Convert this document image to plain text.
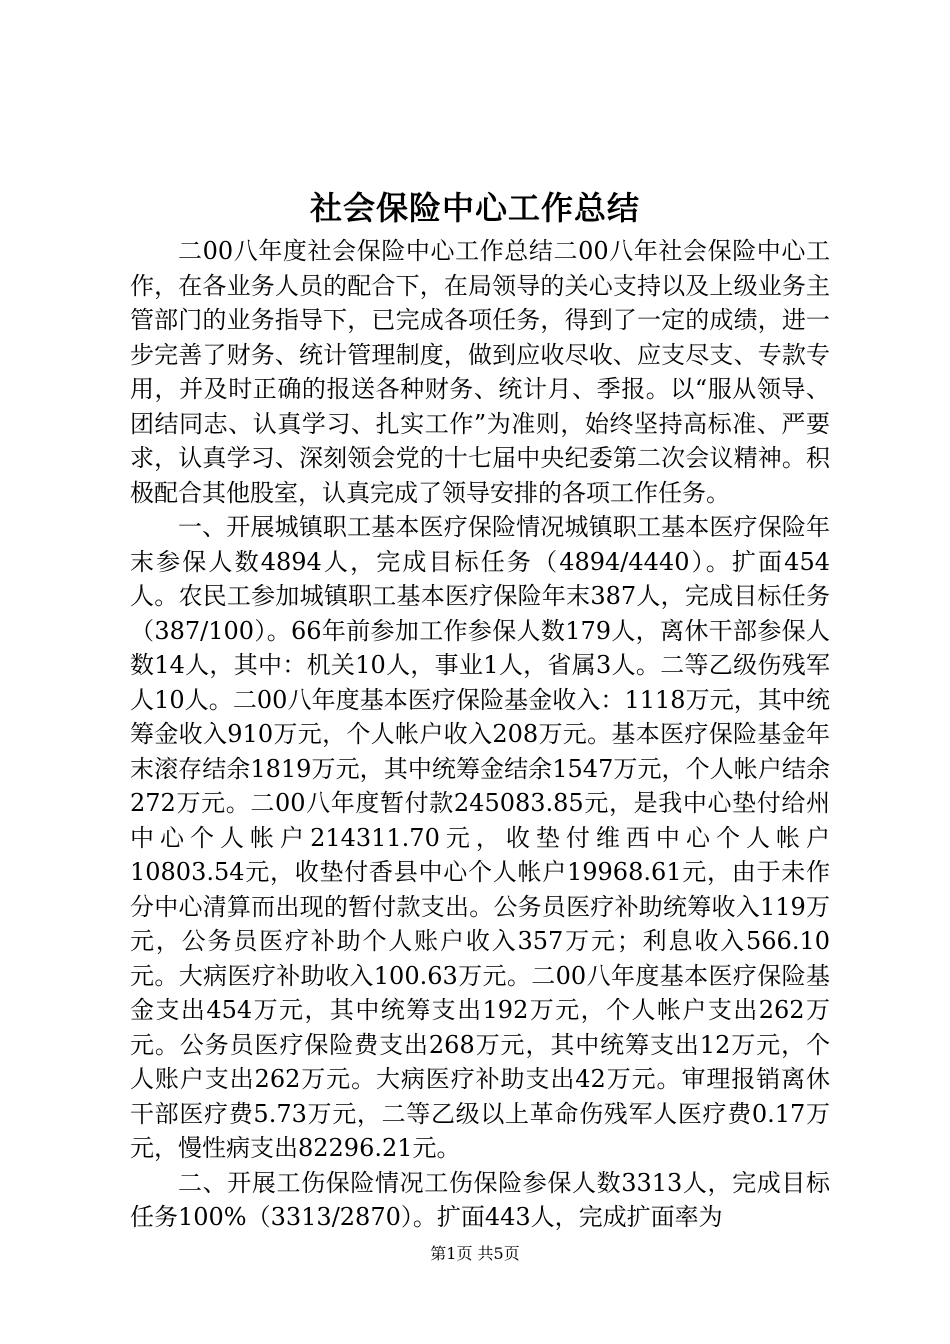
社会保险中心工作总结

二00八年度社会保险中心工作总结二00八年社会保险中心工作，在各业务人员的配合下，在局领导的关心支持以及上级业务主管部门的业务指导下，已完成各项任务，得到了一定的成绩，进一步完善了财务、统计管理制度，做到应收尽收、应支尽支、专款专用，并及时正确的报送各种财务、统计月、季报。以“服从领导、团结同志、认真学习、扎实工作”为准则，始终坚持高标准、严要求，认真学习、深刻领会党的十七届中央纪委第二次会议精神。积极配合其他股室，认真完成了领导安排的各项工作任务。

一、开展城镇职工基本医疗保险情况城镇职工基本医疗保险年末参保人数4894人，完成目标任务（4894/4440）。扩面454人。农民工参加城镇职工基本医疗保险年末387人，完成目标任务（387/100）。66年前参加工作参保人数179人，离休干部参保人数14人，其中：机关10人，事业1人，省属3人。二等乙级伤残军人10人。二00八年度基本医疗保险基金收入：1118万元，其中统筹金收入910万元，个人帐户收入208万元。基本医疗保险基金年末滚存结余1819万元，其中统筹金结余1547万元，个人帐户结余272万元。二00八年度暂付款245083.85元，是我中心垫付给州中心个人帐户214311.70元，收垫付维西中心个人帐户10803.54元，收垫付香县中心个人帐户19968.61元，由于未作分中心清算而出现的暂付款支出。公务员医疗补助统筹收入119万元，公务员医疗补助个人账户收入357万元；利息收入566.10元。大病医疗补助收入100.63万元。二00八年度基本医疗保险基金支出454万元，其中统筹支出192万元，个人帐户支出262万元。公务员医疗保险费支出268万元，其中统筹支出12万元，个人账户支出262万元。大病医疗补助支出42万元。审理报销离休干部医疗费5.73万元，二等乙级以上革命伤残军人医疗费0.17万元，慢性病支出82296.21元。

二、开展工伤保险情况工伤保险参保人数3313人，完成目标任务100%（3313/2870）。扩面443人，完成扩面率为

第1页 共5页
